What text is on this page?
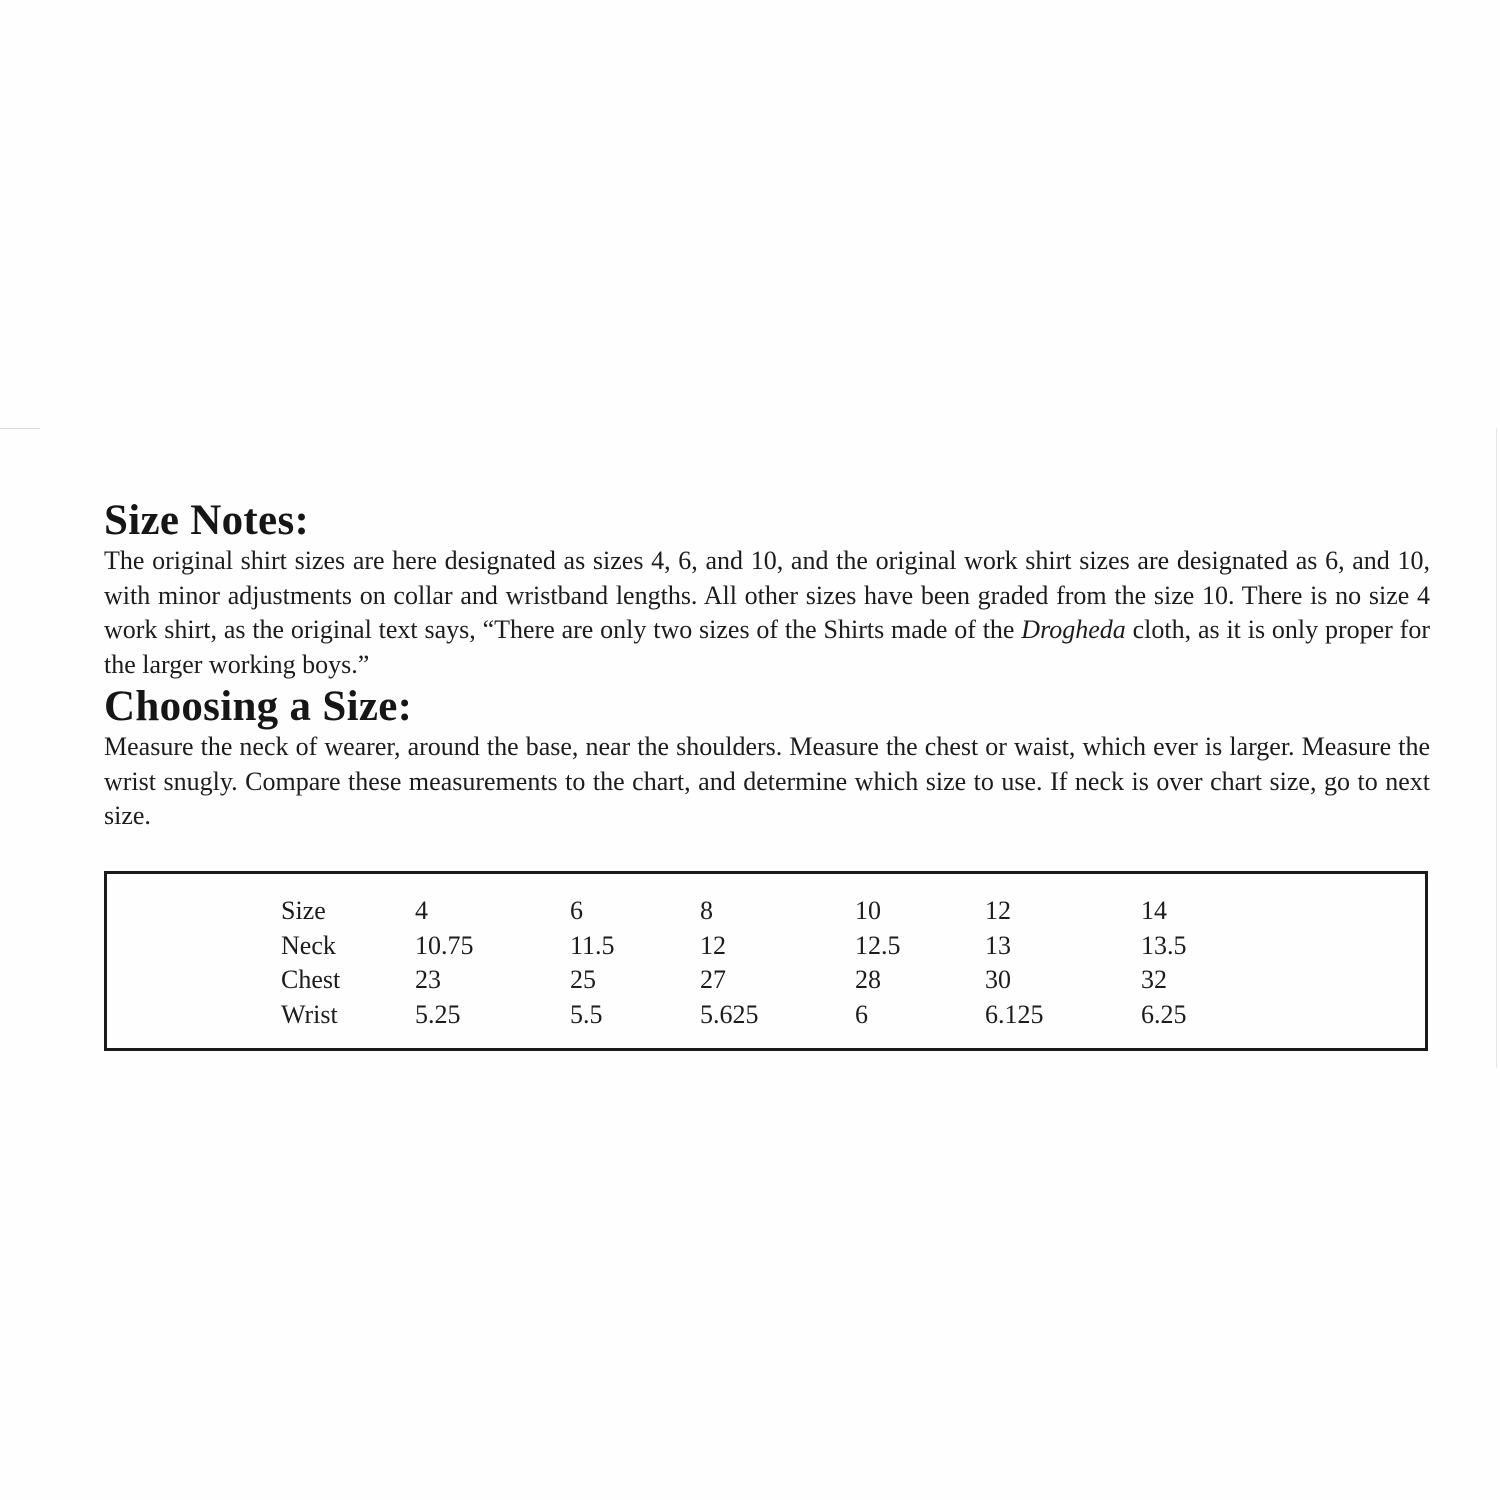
Size Notes:

The original shirt sizes are here designated as sizes 4, 6, and 10, and the original work shirt sizes are designated as 6, and 10, with minor adjustments on collar and wristband lengths. All other sizes have been graded from the size 10. There is no size 4 work shirt, as the original text says, “There are only two sizes of the Shirts made of the Drogheda cloth, as it is only proper for the larger working boys.”

Choosing a Size:

Measure the neck of wearer, around the base, near the shoulders. Measure the chest or waist, which ever is larger. Measure the wrist snugly. Compare these measurements to the chart, and determine which size to use. If neck is over chart size, go to next size.

Size	4	6	8	10	12	14
Neck	10.75	11.5	12	12.5	13	13.5
Chest	23	25	27	28	30	32
Wrist	5.25	5.5	5.625	6	6.125	6.25
